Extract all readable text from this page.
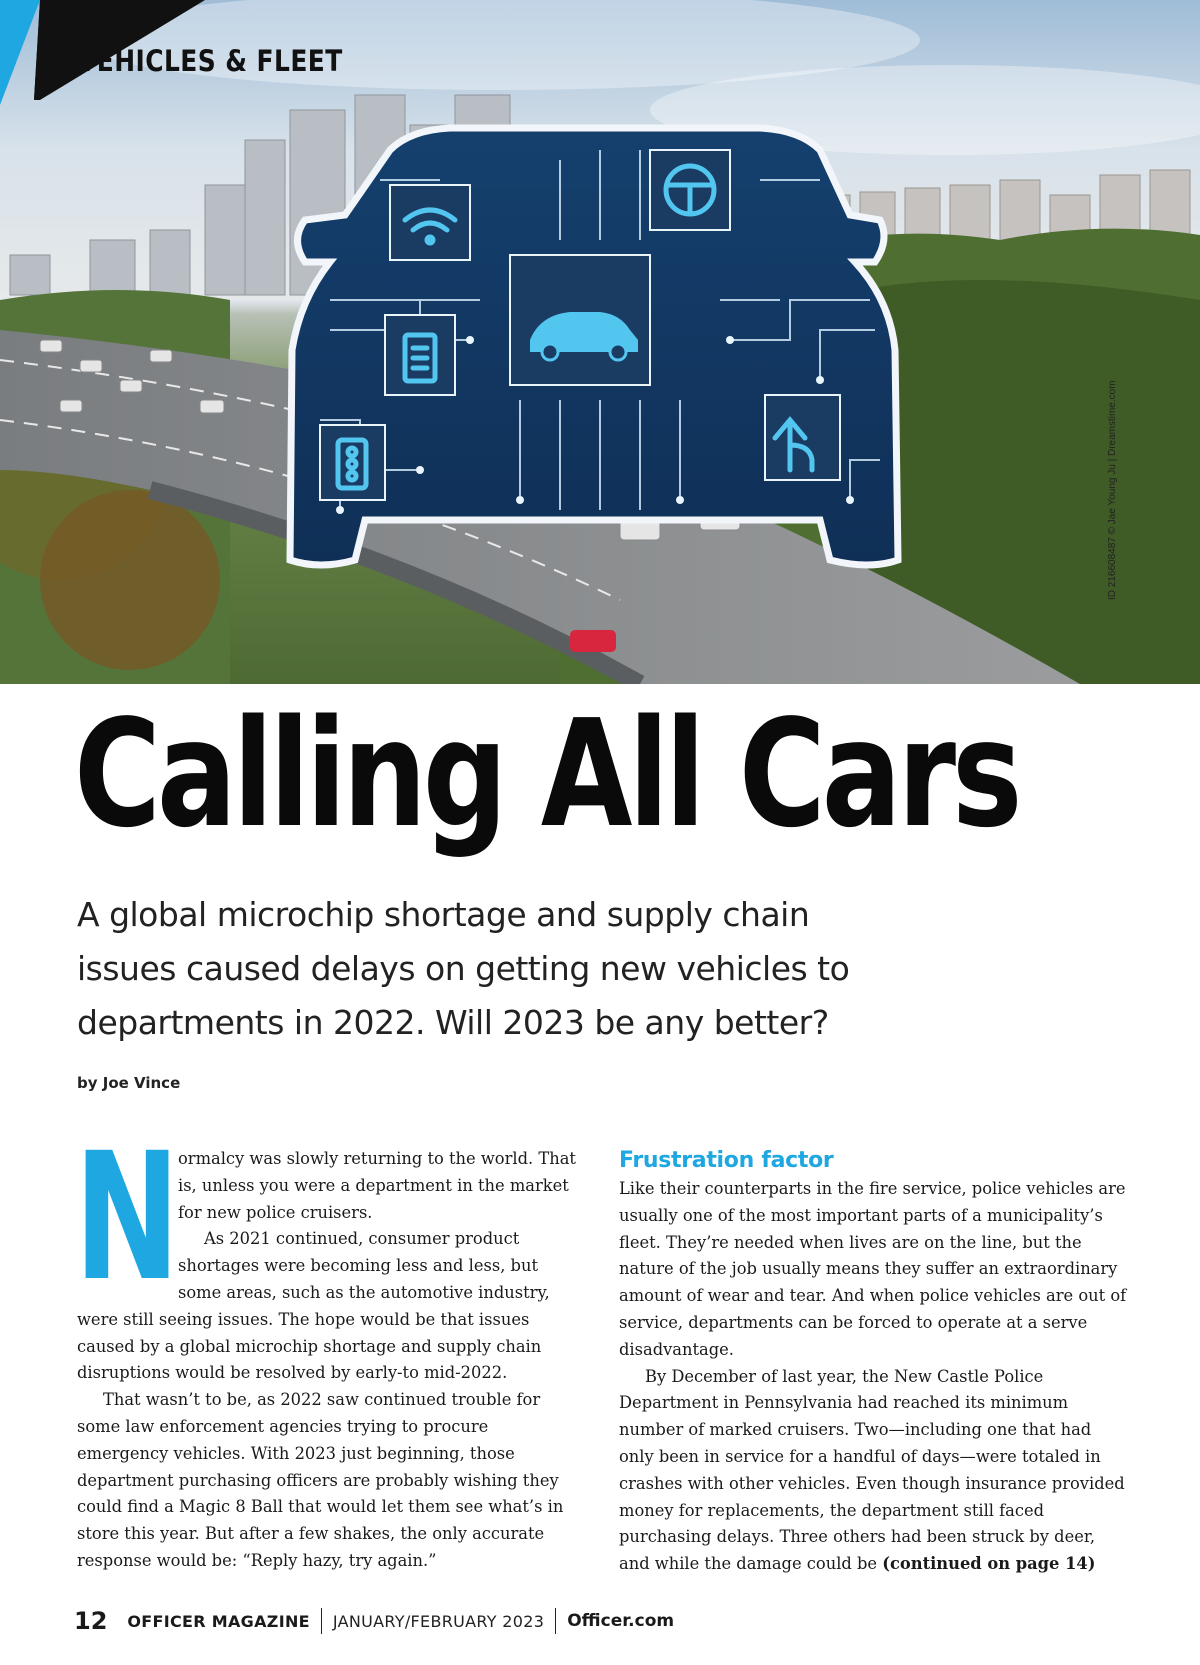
VEHICLES & FLEET

ID 216608487 © Jae Young Ju | Dreamstime.com

Calling All Cars

A global microchip shortage and supply chain issues caused delays on getting new vehicles to departments in 2022. Will 2023 be any better?

by Joe Vince

N

ormalcy was slowly returning to the world. That is, unless you were a department in the market for new police cruisers.

As 2021 continued, consumer product shortages were becoming less and less, but some areas, such as the automotive industry, were still seeing issues. The hope would be that issues caused by a global microchip shortage and supply chain disruptions would be resolved by early-to mid-2022.

That wasn’t to be, as 2022 saw continued trouble for some law enforcement agencies trying to procure emergency vehicles. With 2023 just beginning, those department purchasing officers are probably wishing they could find a Magic 8 Ball that would let them see what’s in store this year. But after a few shakes, the only accurate response would be: “Reply hazy, try again.”

Frustration factor

Like their counterparts in the fire service, police vehicles are usually one of the most important parts of a municipality’s fleet. They’re needed when lives are on the line, but the nature of the job usually means they suffer an extraordinary amount of wear and tear. And when police vehicles are out of service, departments can be forced to operate at a serve disadvantage.

By December of last year, the New Castle Police Department in Pennsylvania had reached its minimum number of marked cruisers. Two—including one that had only been in service for a handful of days—were totaled in crashes with other vehicles. Even though insurance provided money for replacements, the department still faced purchasing delays. Three others had been struck by deer, and while the damage could be (continued on page 14)

12 OFFICER MAGAZINE JANUARY/FEBRUARY 2023 Officer.com
